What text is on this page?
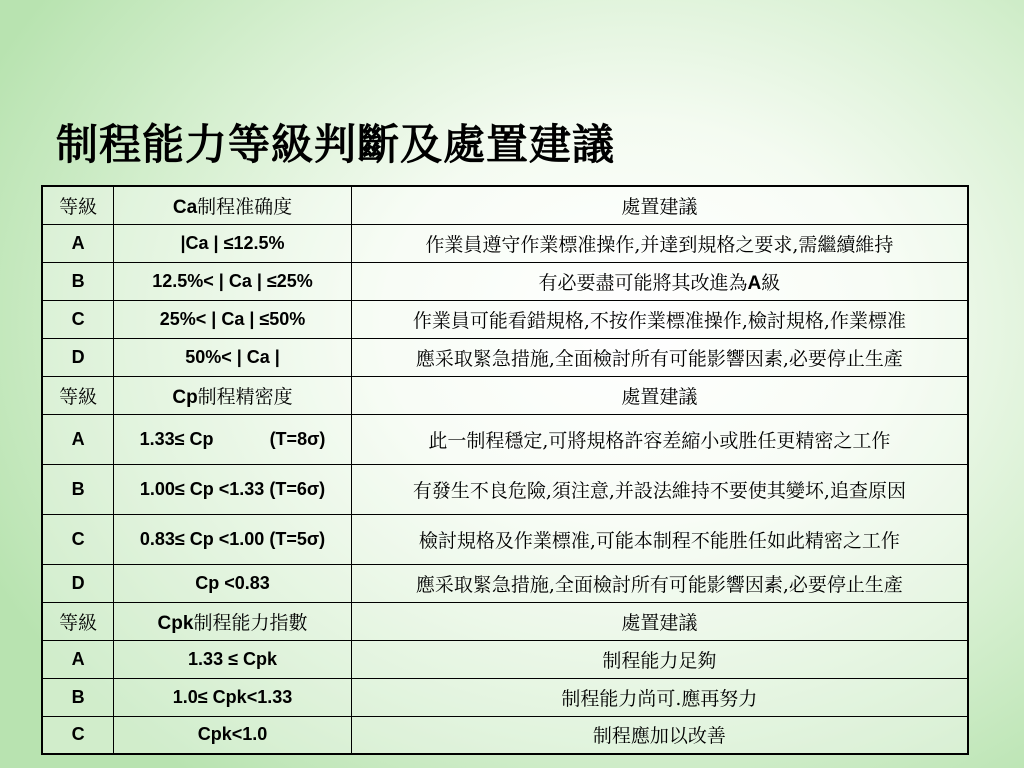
制程能力等級判斷及處置建議
等級	Ca制程准确度	處置建議
A	|Ca | ≤12.5%	作業員遵守作業標准操作,并達到規格之要求,需繼續維持
B	12.5%< | Ca | ≤25%	有必要盡可能將其改進為A級
C	25%< | Ca | ≤50%	作業員可能看錯規格,不按作業標准操作,檢討規格,作業標准
D	50%< | Ca |	應采取緊急措施,全面檢討所有可能影響因素,必要停止生產
等級	Cp制程精密度	處置建議
A	1.33≤ Cp (T=8σ)	此一制程穩定,可將規格許容差縮小或胜任更精密之工作
B	1.00≤ Cp <1.33 (T=6σ)	有發生不良危險,須注意,并設法維持不要使其變坏,追查原因
C	0.83≤ Cp <1.00 (T=5σ)	檢討規格及作業標准,可能本制程不能胜任如此精密之工作
D	Cp <0.83	應采取緊急措施,全面檢討所有可能影響因素,必要停止生產
等級	Cpk制程能力指數	處置建議
A	1.33 ≤ Cpk	制程能力足夠
B	1.0≤ Cpk<1.33	制程能力尚可.應再努力
C	Cpk<1.0	制程應加以改善
